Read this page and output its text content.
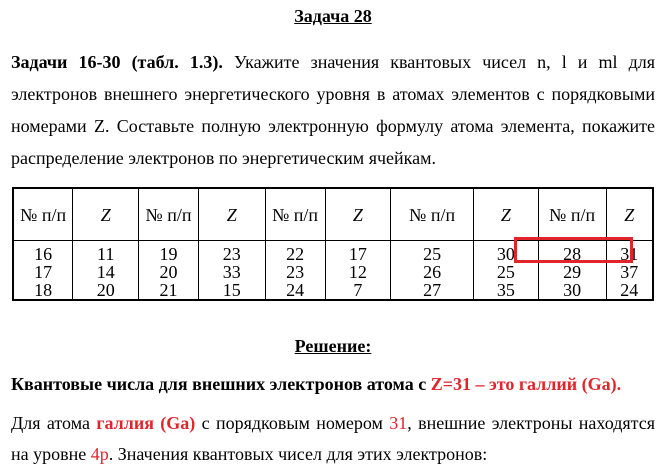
Задача 28
Задачи 16-30 (табл. 1.3). Укажите значения квантовых чисел n, l и ml для
электронов внешнего энергетического уровня в атомах элементов с порядковыми
номерами Z. Составьте полную электронную формулу атома элемента, покажите
распределение электронов по энергетическим ячейкам.
№ п/п	Z	№ п/п	Z	№ п/п	Z	№ п/п	Z	№ п/п	Z
16	11	19	23	22	17	25	30	28	31
17	14	20	33	23	12	26	25	29	37
18	20	21	15	24	7	27	35	30	24
Решение:
Квантовые числа для внешних электронов атома с Z=31 – это галлий (Ga).
Для атома галлия (Ga) с порядковым номером 31, внешние электроны находятся
на уровне 4p. Значения квантовых чисел для этих электронов:
